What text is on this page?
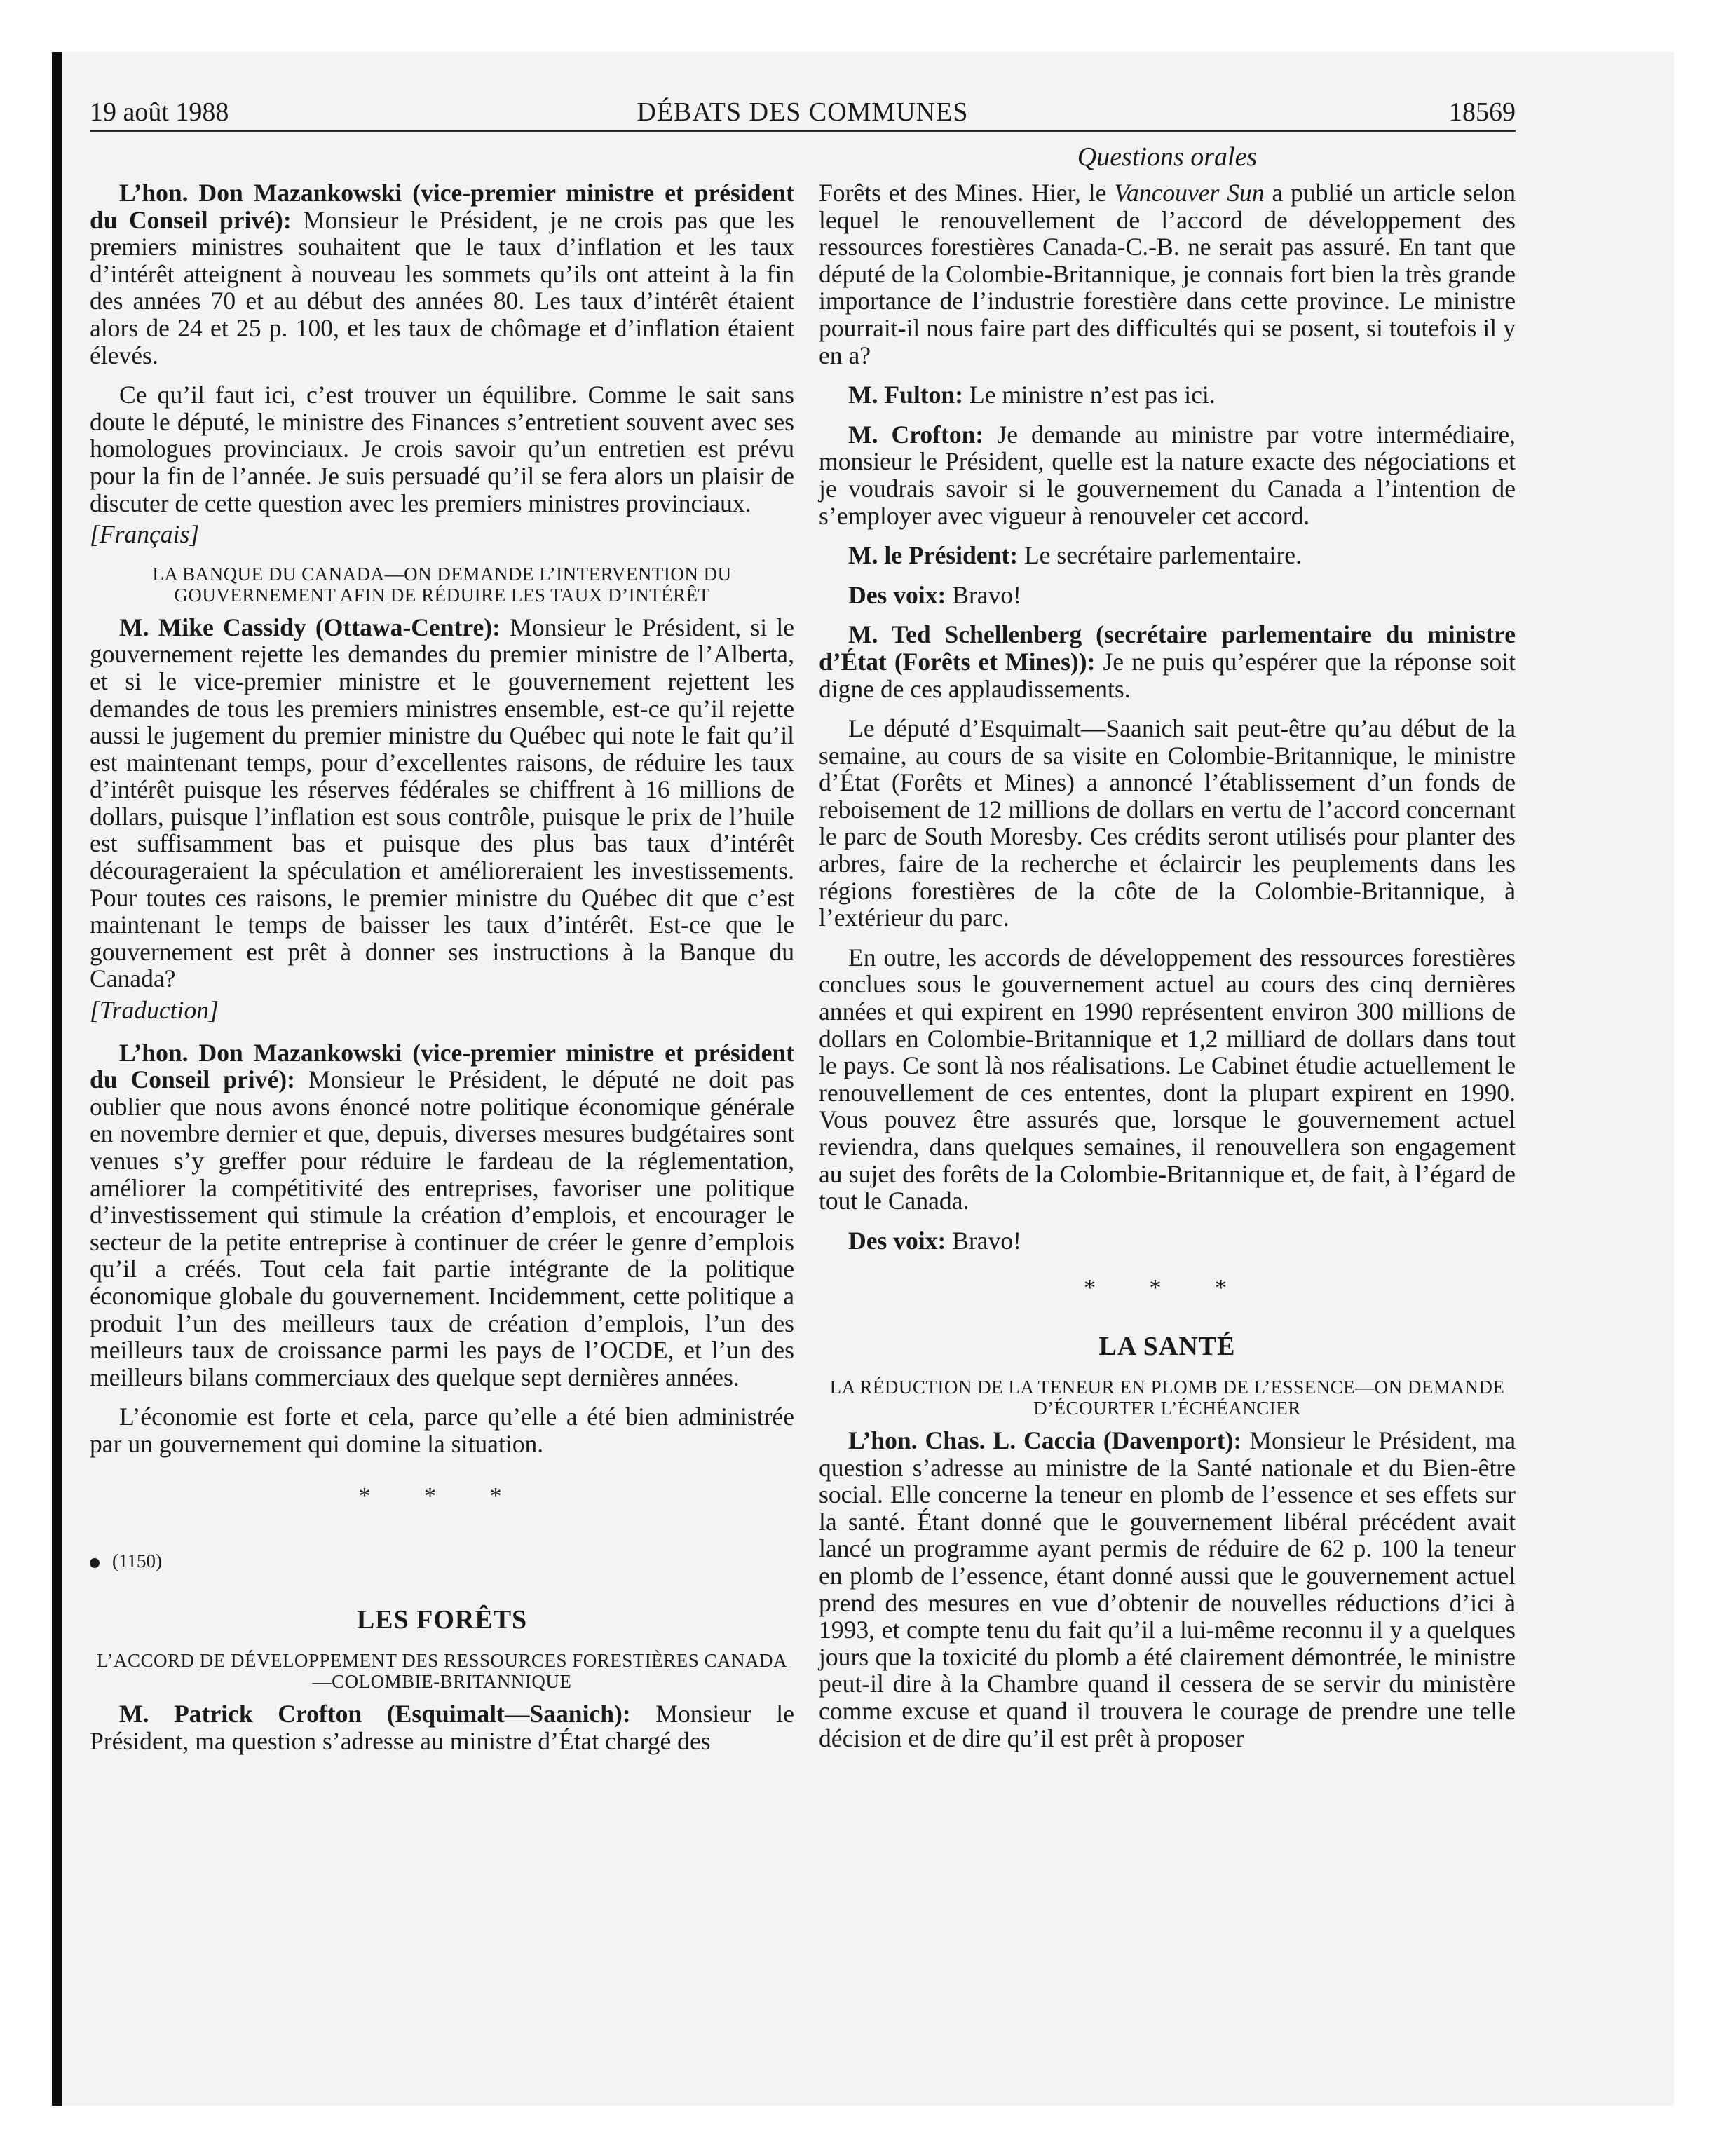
19 août 1988	DÉBATS DES COMMUNES	18569
Questions orales

L’hon. Don Mazankowski (vice-premier ministre et président du Conseil privé): Monsieur le Président, je ne crois pas que les premiers ministres souhaitent que le taux d’inflation et les taux d’intérêt atteignent à nouveau les sommets qu’ils ont atteint à la fin des années 70 et au début des années 80. Les taux d’intérêt étaient alors de 24 et 25 p. 100, et les taux de chômage et d’inflation étaient élevés.

Ce qu’il faut ici, c’est trouver un équilibre. Comme le sait sans doute le député, le ministre des Finances s’entretient souvent avec ses homologues provinciaux. Je crois savoir qu’un entretien est prévu pour la fin de l’année. Je suis persuadé qu’il se fera alors un plaisir de discuter de cette question avec les premiers ministres provinciaux.

[Français]

LA BANQUE DU CANADA—ON DEMANDE L’INTERVENTION DU GOUVERNEMENT AFIN DE RÉDUIRE LES TAUX D’INTÉRÊT

M. Mike Cassidy (Ottawa-Centre): Monsieur le Président, si le gouvernement rejette les demandes du premier ministre de l’Alberta, et si le vice-premier ministre et le gouvernement rejettent les demandes de tous les premiers ministres ensemble, est-ce qu’il rejette aussi le jugement du premier ministre du Québec qui note le fait qu’il est maintenant temps, pour d’excellentes raisons, de réduire les taux d’intérêt puisque les réserves fédérales se chiffrent à 16 millions de dollars, puisque l’inflation est sous contrôle, puisque le prix de l’huile est suffisamment bas et puisque des plus bas taux d’intérêt décourageraient la spéculation et amélioreraient les investissements. Pour toutes ces raisons, le premier ministre du Québec dit que c’est maintenant le temps de baisser les taux d’intérêt. Est-ce que le gouvernement est prêt à donner ses instructions à la Banque du Canada?

[Traduction]

L’hon. Don Mazankowski (vice-premier ministre et président du Conseil privé): Monsieur le Président, le député ne doit pas oublier que nous avons énoncé notre politique économique générale en novembre dernier et que, depuis, diverses mesures budgétaires sont venues s’y greffer pour réduire le fardeau de la réglementation, améliorer la compétitivité des entreprises, favoriser une politique d’investissement qui stimule la création d’emplois, et encourager le secteur de la petite entreprise à continuer de créer le genre d’emplois qu’il a créés. Tout cela fait partie intégrante de la politique économique globale du gouvernement. Incidemment, cette politique a produit l’un des meilleurs taux de création d’emplois, l’un des meilleurs taux de croissance parmi les pays de l’OCDE, et l’un des meilleurs bilans commerciaux des quelque sept dernières années.

L’économie est forte et cela, parce qu’elle a été bien administrée par un gouvernement qui domine la situation.

* * *

(1150)

LES FORÊTS

L’ACCORD DE DÉVELOPPEMENT DES RESSOURCES FORESTIÈRES CANADA—COLOMBIE-BRITANNIQUE

M. Patrick Crofton (Esquimalt—Saanich): Monsieur le Président, ma question s’adresse au ministre d’État chargé des

Forêts et des Mines. Hier, le Vancouver Sun a publié un article selon lequel le renouvellement de l’accord de développement des ressources forestières Canada-C.-B. ne serait pas assuré. En tant que député de la Colombie-Britannique, je connais fort bien la très grande importance de l’industrie forestière dans cette province. Le ministre pourrait-il nous faire part des difficultés qui se posent, si toutefois il y en a?

M. Fulton: Le ministre n’est pas ici.

M. Crofton: Je demande au ministre par votre intermédiaire, monsieur le Président, quelle est la nature exacte des négociations et je voudrais savoir si le gouvernement du Canada a l’intention de s’employer avec vigueur à renouveler cet accord.

M. le Président: Le secrétaire parlementaire.

Des voix: Bravo!

M. Ted Schellenberg (secrétaire parlementaire du ministre d’État (Forêts et Mines)): Je ne puis qu’espérer que la réponse soit digne de ces applaudissements.

Le député d’Esquimalt—Saanich sait peut-être qu’au début de la semaine, au cours de sa visite en Colombie-Britannique, le ministre d’État (Forêts et Mines) a annoncé l’établissement d’un fonds de reboisement de 12 millions de dollars en vertu de l’accord concernant le parc de South Moresby. Ces crédits seront utilisés pour planter des arbres, faire de la recherche et éclaircir les peuplements dans les régions forestières de la côte de la Colombie-Britannique, à l’extérieur du parc.

En outre, les accords de développement des ressources forestières conclues sous le gouvernement actuel au cours des cinq dernières années et qui expirent en 1990 représentent environ 300 millions de dollars en Colombie-Britannique et 1,2 milliard de dollars dans tout le pays. Ce sont là nos réalisations. Le Cabinet étudie actuellement le renouvellement de ces ententes, dont la plupart expirent en 1990. Vous pouvez être assurés que, lorsque le gouvernement actuel reviendra, dans quelques semaines, il renouvellera son engagement au sujet des forêts de la Colombie-Britannique et, de fait, à l’égard de tout le Canada.

Des voix: Bravo!

* * *

LA SANTÉ

LA RÉDUCTION DE LA TENEUR EN PLOMB DE L’ESSENCE—ON DEMANDE D’ÉCOURTER L’ÉCHÉANCIER

L’hon. Chas. L. Caccia (Davenport): Monsieur le Président, ma question s’adresse au ministre de la Santé nationale et du Bien-être social. Elle concerne la teneur en plomb de l’essence et ses effets sur la santé. Étant donné que le gouvernement libéral précédent avait lancé un programme ayant permis de réduire de 62 p. 100 la teneur en plomb de l’essence, étant donné aussi que le gouvernement actuel prend des mesures en vue d’obtenir de nouvelles réductions d’ici à 1993, et compte tenu du fait qu’il a lui-même reconnu il y a quelques jours que la toxicité du plomb a été clairement démontrée, le ministre peut-il dire à la Chambre quand il cessera de se servir du ministère comme excuse et quand il trouvera le courage de prendre une telle décision et de dire qu’il est prêt à proposer
